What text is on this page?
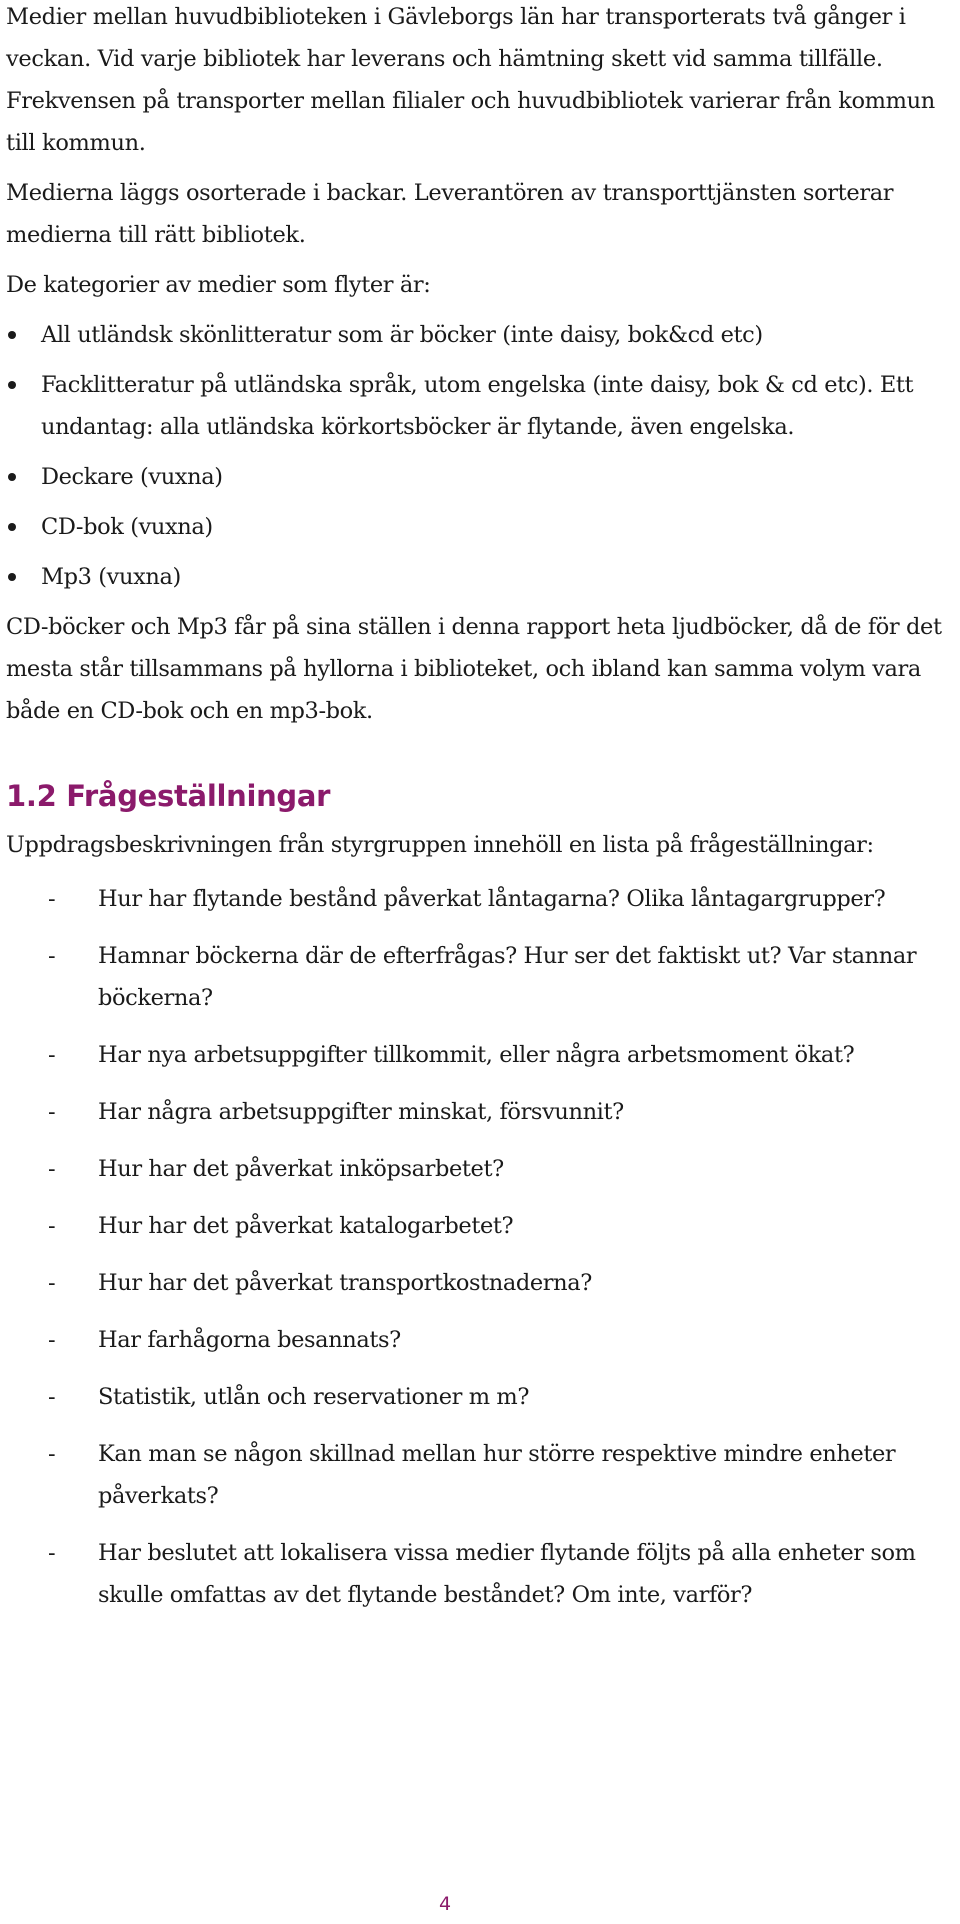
Medier mellan huvudbiblioteken i Gävleborgs län har transporterats två gånger i veckan. Vid varje bibliotek har leverans och hämtning skett vid samma tillfälle. Frekvensen på transporter mellan filialer och huvudbibliotek varierar från kommun till kommun.

Medierna läggs osorterade i backar. Leverantören av transporttjänsten sorterar medierna till rätt bibliotek.

De kategorier av medier som flyter är:

All utländsk skönlitteratur som är böcker (inte daisy, bok&cd etc)
Facklitteratur på utländska språk, utom engelska (inte daisy, bok & cd etc). Ett undantag: alla utländska körkortsböcker är flytande, även engelska.
Deckare (vuxna)
CD-bok (vuxna)
Mp3 (vuxna)

CD-böcker och Mp3 får på sina ställen i denna rapport heta ljudböcker, då de för det mesta står tillsammans på hyllorna i biblioteket, och ibland kan samma volym vara både en CD-bok och en mp3-bok.

1.2 Frågeställningar

Uppdragsbeskrivningen från styrgruppen innehöll en lista på frågeställningar:

- Hur har flytande bestånd påverkat låntagarna? Olika låntagargrupper?
- Hamnar böckerna där de efterfrågas? Hur ser det faktiskt ut? Var stannar böckerna?
- Har nya arbetsuppgifter tillkommit, eller några arbetsmoment ökat?
- Har några arbetsuppgifter minskat, försvunnit?
- Hur har det påverkat inköpsarbetet?
- Hur har det påverkat katalogarbetet?
- Hur har det påverkat transportkostnaderna?
- Har farhågorna besannats?
- Statistik, utlån och reservationer m m?
- Kan man se någon skillnad mellan hur större respektive mindre enheter påverkats?
- Har beslutet att lokalisera vissa medier flytande följts på alla enheter som skulle omfattas av det flytande beståndet? Om inte, varför?
4
